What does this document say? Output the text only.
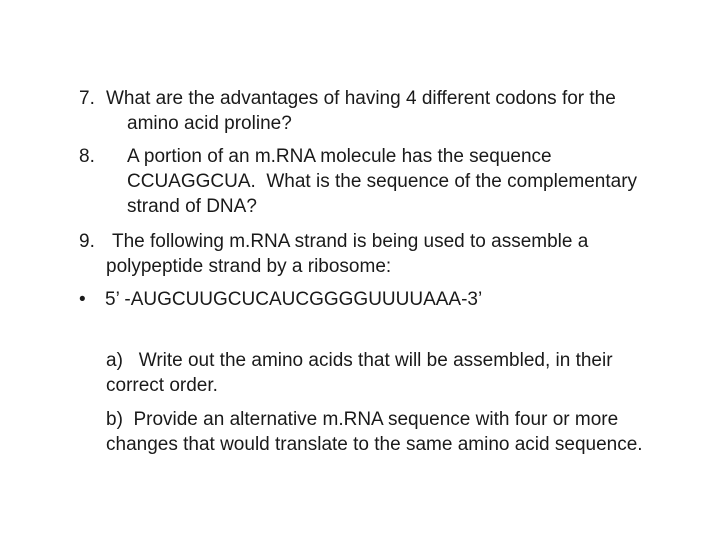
7. What are the advantages of having 4 different codons for the
amino acid proline?
8.	A portion of an m.RNA molecule has the sequence
CCUAGGCUA.  What is the sequence of the complementary
strand of DNA?
9. The following m.RNA strand is being used to assemble a
polypeptide strand by a ribosome:
•	5’ -AUGCUUGCUCAUCGGGGUUUUAAA-3’
a)   Write out the amino acids that will be assembled, in their
correct order.
b)  Provide an alternative m.RNA sequence with four or more
changes that would translate to the same amino acid sequence.
